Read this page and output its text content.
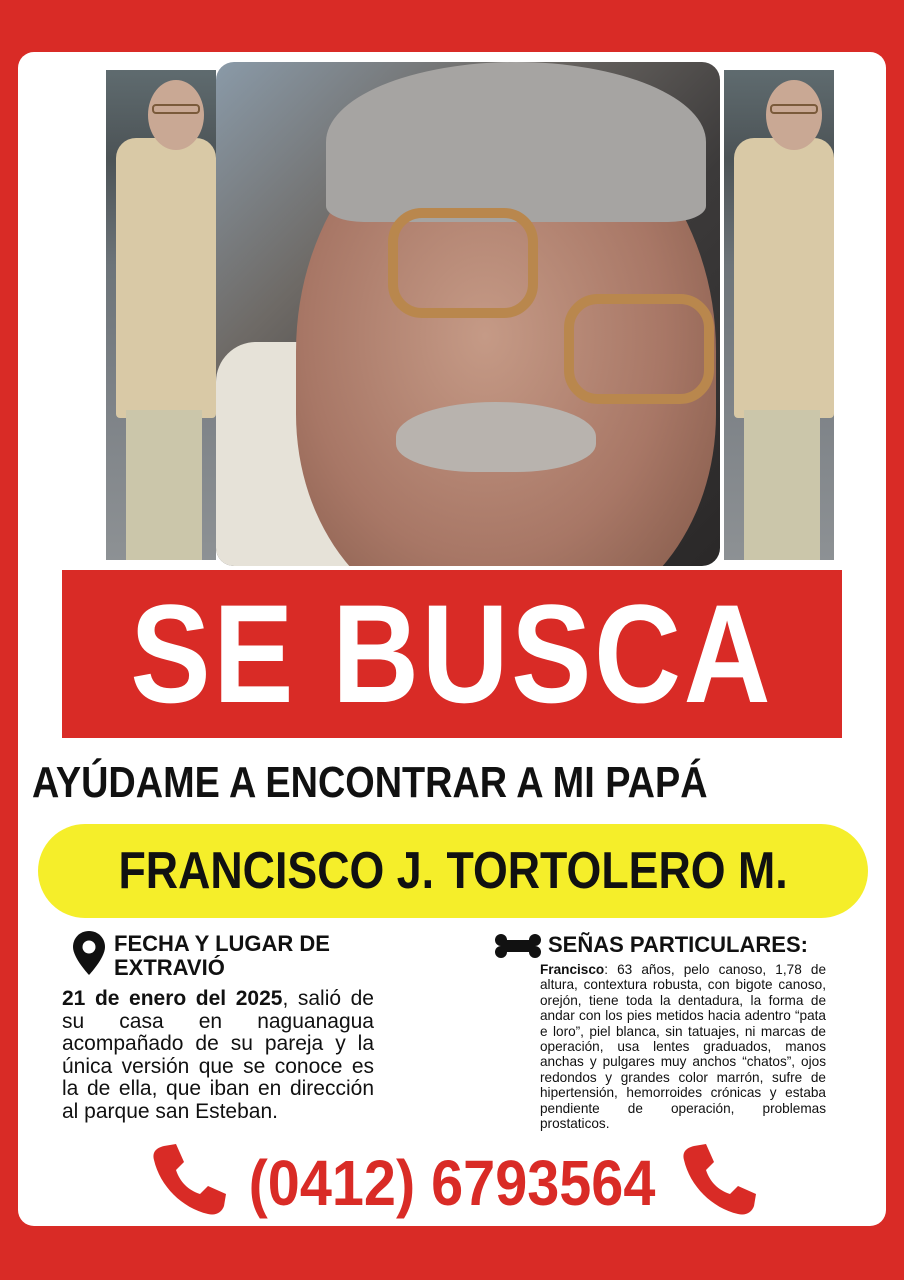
SE BUSCA
AYÚDAME A ENCONTRAR A MI PAPÁ
FRANCISCO J. TORTOLERO M.
FECHA Y LUGAR DE EXTRAVIÓ
21 de enero del 2025, salió de su casa en naguanagua acompañado de su pareja y la única versión que se conoce es la de ella, que iban en dirección al parque san Esteban.
SEÑAS PARTICULARES:
Francisco: 63 años, pelo canoso, 1,78 de altura, contextura robusta, con bigote canoso, orejón, tiene toda la dentadura, la forma de andar con los pies metidos hacia adentro “pata e loro”, piel blanca, sin tatuajes, ni marcas de operación, usa lentes graduados, manos anchas y pulgares muy anchos “chatos”, ojos redondos y grandes color marrón, sufre de hipertensión, hemorroides crónicas y estaba pendiente de operación, problemas prostaticos.
(0412) 6793564
